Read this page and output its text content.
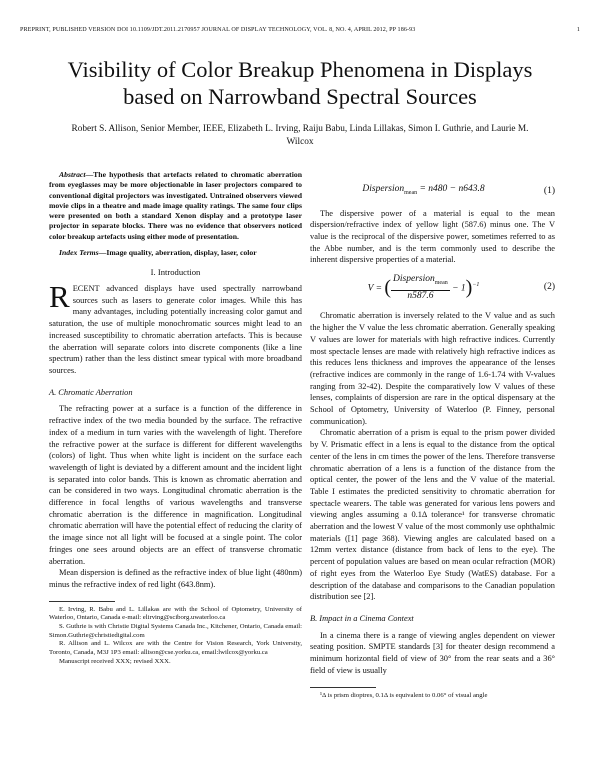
PREPRINT, PUBLISHED VERSION DOI 10.1109/JDT.2011.2170957 JOURNAL OF DISPLAY TECHNOLOGY, VOL. 8, NO. 4, APRIL 2012, PP 186-93	1
Visibility of Color Breakup Phenomena in Displays based on Narrowband Spectral Sources
Robert S. Allison, Senior Member, IEEE, Elizabeth L. Irving, Raiju Babu, Linda Lillakas, Simon I. Guthrie, and Laurie M. Wilcox

Abstract—The hypothesis that artefacts related to chromatic aberration from eyeglasses may be more objectionable in laser projectors compared to conventional digital projectors was investigated. Untrained observers viewed movie clips in a theatre and made image quality ratings. The same four clips were presented on both a standard Xenon display and a prototype laser projector in separate blocks. There was no evidence that observers noticed color breakup artefacts using either mode of presentation.

Index Terms—Image quality, aberration, display, laser, color

I. Introduction

RECENT advanced displays have used spectrally narrowband sources such as lasers to generate color images. While this has many advantages, including potentially increasing color gamut and saturation, the use of multiple monochromatic sources might lead to an increased susceptibility to chromatic aberration artefacts. This is because the aberration will separate colors into discrete components (like a line spectrum) rather than the less distinct smear typical with more broadband sources.

A. Chromatic Aberration

The refracting power at a surface is a function of the difference in refractive index of the two media bounded by the surface. The refractive index of a medium in turn varies with the wavelength of light. Therefore the refractive power at the surface is different for different wavelengths (colors) of light. Thus when white light is incident on the surface each wavelength of light is deviated by a different amount and the incident light is separated into color bands. This is known as chromatic aberration and can be considered in two ways. Longitudinal chromatic aberration is the difference in focal lengths of various wavelengths and transverse chromatic aberration is the difference in magnification. Longitudinal chromatic aberration will have the potential effect of reducing the clarity of the image since not all light will be focused at a single point. The color fringes one sees around objects are an effect of transverse chromatic aberration.

Mean dispersion is defined as the refractive index of blue light (480nm) minus the refractive index of red light (643.8nm).

E. Irving, R. Babu and L. Lillakas are with the School of Optometry, University of Waterloo, Ontario, Canada e-mail: elirving@sciborg.uwaterloo.ca

S. Guthrie is with Christie Digital Systems Canada Inc., Kitchener, Ontario, Canada email: Simon.Guthrie@christiedigital.com

R. Allison and L. Wilcox are with the Centre for Vision Research, York University, Toronto, Canada, M3J 1P3 email: allison@cse.yorku.ca, email:lwilcox@yorku.ca

Manuscript received XXX; revised XXX.

Dispersion$_{mean}$ = n480 − n643.8	(1)

The dispersive power of a material is equal to the mean dispersion/refractive index of yellow light (587.6) minus one. The V value is the reciprocal of the dispersive power, sometimes referred to as the Abbe number, and is the term commonly used to describe the inherent dispersive properties of a material.

V = ( $\frac{Dispersion_{mean}}{n587.6} - 1)^{-1}$	(2)

Chromatic aberration is inversely related to the V value and as such the higher the V value the less chromatic aberration. Generally speaking V values are lower for materials with high refractive indices. Currently most spectacle lenses are made with relatively high refractive indices as this reduces lens thickness and improves the appearance of the lenses (refractive indices are commonly in the range of 1.6-1.74 with V-values ranging from 32-42). Despite the comparatively low V values of these lenses, complaints of dispersion are rare in the optical dispensary at the School of Optometry, University of Waterloo (P. Finney, personal communication).

Chromatic aberration of a prism is equal to the prism power divided by V. Prismatic effect in a lens is equal to the distance from the optical center of the lens in cm times the power of the lens. Therefore transverse chromatic aberration of a lens is a function of the distance from the optical center, the power of the lens and the V value of the material. Table I estimates the predicted sensitivity to chromatic aberration for spectacle wearers. The table was generated for various lens powers and viewing angles assuming a 0.1Δ tolerance¹ for transverse chromatic aberration and the lowest V value of the most commonly use ophthalmic materials ([1] page 368). Viewing angles are calculated based on a 12mm vertex distance (distance from back of lens to the eye). The percent of population values are based on mean ocular refraction (MOR) of right eyes from the Waterloo Eye Study (WatES) database. For a description of the database and comparisons to the Canadian population distribution see [2].

B. Impact in a Cinema Context

In a cinema there is a range of viewing angles dependent on viewer seating position. SMPTE standards [3] for theater design recommend a minimum horizontal field of view of 30° from the rear seats and a 36° field of view is usually

¹Δ is prism dioptres, 0.1Δ is equivalent to 0.06° of visual angle
